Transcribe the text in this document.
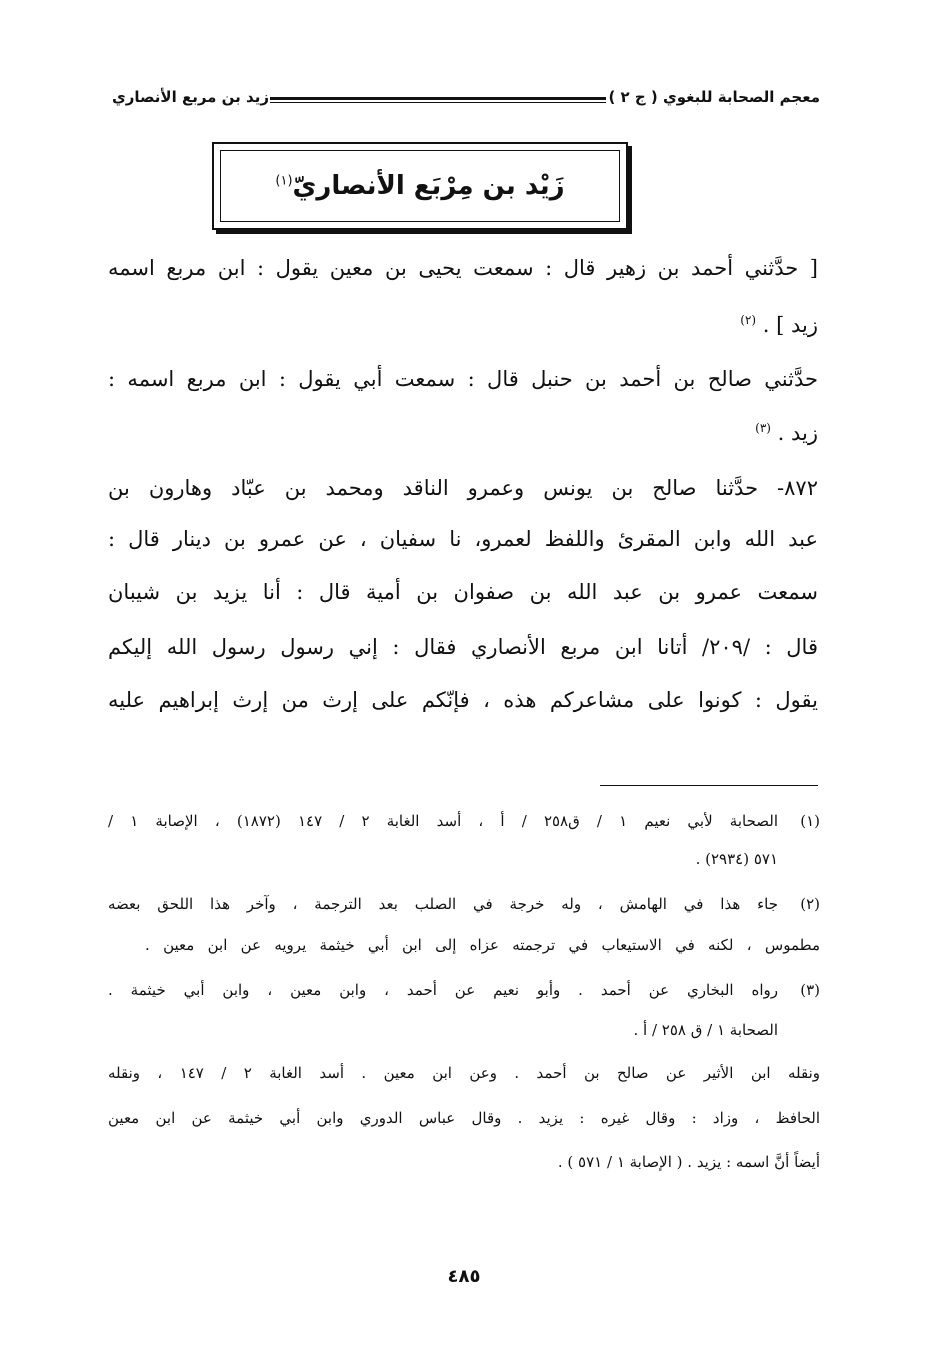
معجم الصحابة للبغوي ( ج ٢ )
زيد بن مربع الأنصاري
زَيْد بن مِرْبَع الأنصاريّ$^{(١)}$
[ حدَّثني أحمد بن زهير قال : سمعت يحيى بن معين يقول : ابن مربع اسمه
زيد ] . $^{(٢)}$
حدَّثني صالح بن أحمد بن حنبل قال : سمعت أبي يقول : ابن مربع اسمه :
زيد . $^{(٣)}$
٨٧٢- حدَّثنا صالح بن يونس وعمرو الناقد ومحمد بن عبّاد وهارون بن
عبد الله وابن المقرئ واللفظ لعمرو، نا سفيان ، عن عمرو بن دينار قال :
سمعت عمرو بن عبد الله بن صفوان بن أمية قال : أنا يزيد بن شيبان
قال : /٢٠٩/ أتانا ابن مربع الأنصاري فقال : إني رسول رسول الله إليكم
يقول : كونوا على مشاعركم هذه ، فإنّكم على إرث من إرث إبراهيم عليه
(١)
الصحابة لأبي نعيم ١ / ق٢٥٨ / أ ، أسد الغابة ٢ / ١٤٧ (١٨٧٢) ، الإصابة ١ /
٥٧١ (٢٩٣٤) .
(٢)
جاء هذا في الهامش ، وله خرجة في الصلب بعد الترجمة ، وآخر هذا اللحق بعضه
مطموس ، لكنه في الاستيعاب في ترجمته عزاه إلى ابن أبي خيثمة يرويه عن ابن معين .
(٣)
رواه البخاري عن أحمد . وأبو نعيم عن أحمد ، وابن معين ، وابن أبي خيثمة .
الصحابة ١ / ق ٢٥٨ / أ .
ونقله ابن الأثير عن صالح بن أحمد . وعن ابن معين . أسد الغابة ٢ / ١٤٧ ، ونقله
الحافظ ، وزاد : وقال غيره : يزيد . وقال عباس الدوري وابن أبي خيثمة عن ابن معين
أيضاً أنَّ اسمه : يزيد . ( الإصابة ١ / ٥٧١ ) .
٤٨٥
